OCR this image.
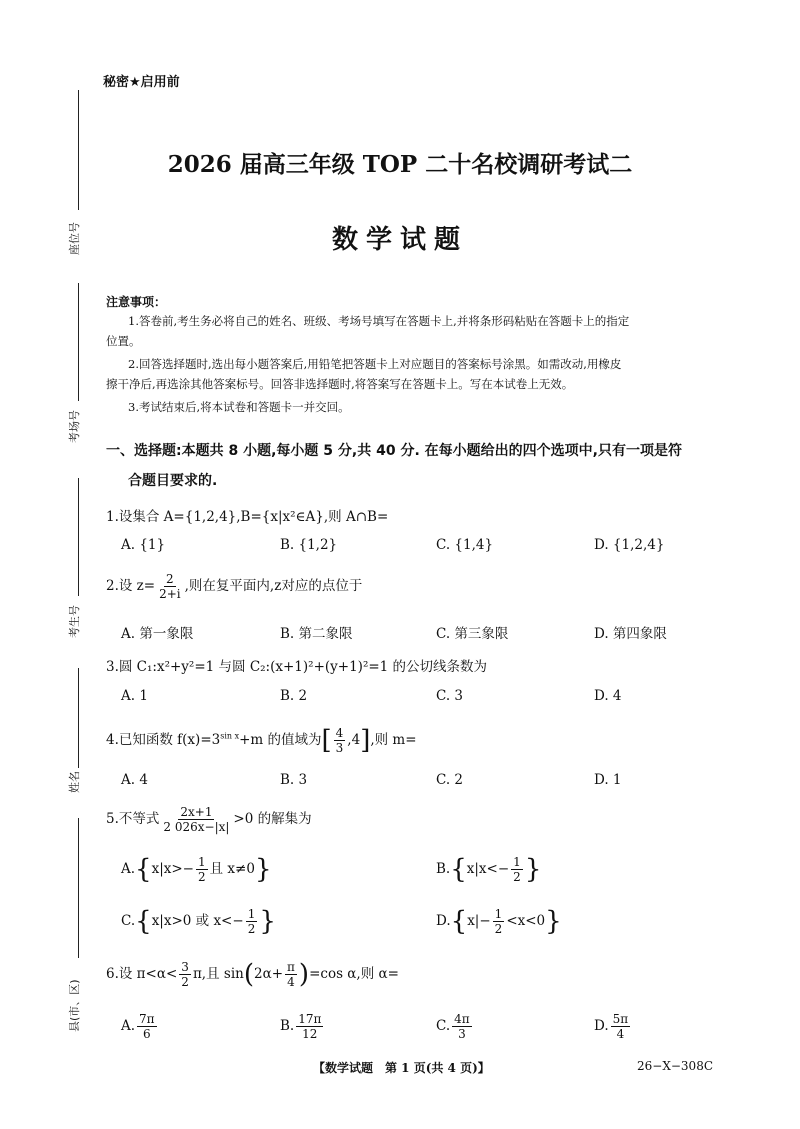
秘密★启用前
2026 届高三年级 TOP 二十名校调研考试二
数学试题
座位号
考场号
考生号
姓名
县(市、区)
注意事项：
1.答卷前,考生务必将自己的姓名、班级、考场号填写在答题卡上,并将条形码粘贴在答题卡上的指定
位置。
2.回答选择题时,选出每小题答案后,用铅笔把答题卡上对应题目的答案标号涂黑。如需改动,用橡皮
擦干净后,再选涂其他答案标号。回答非选择题时,将答案写在答题卡上。写在本试卷上无效。
3.考试结束后,将本试卷和答题卡一并交回。
一、选择题:本题共 8 小题,每小题 5 分,共 40 分. 在每小题给出的四个选项中,只有一项是符
合题目要求的.
1.设集合 A={1,2,4},B={x|x²∈A},则 A∩B=
A. {1}	B. {1,2}	C. {1,4}	D. {1,2,4}
2.设 $z= \frac{2}{2+i}$ ,则在复平面内,z对应的点位于
A. 第一象限	B. 第二象限	C. 第三象限	D. 第四象限
3.圆 C₁:x²+y²=1 与圆 C₂:(x+1)²+(y+1)²=1 的公切线条数为
A. 1	B. 2	C. 3	D. 4
4.已知函数 $f(x)=3^{sin x}+m$ 的值域为[ $\frac{4}{3} ,4$],则 m=
A. 4	B. 3	C. 2	D. 1
5.不等式 $\frac{2x+1}{2 026x-|x|} >0$ 的解集为
$A.\{x|x>- \frac{1}{2}$ 且 x≠0}	$B.\{x|x<- \frac{1}{2}$ }
C.{x|x>0 或 $x<- \frac{1}{2}$ }	$D.\{x|- \frac{1}{2} <x<0\}$
6.设 $\pi<\alpha< \frac{3}{2} \pi$,且 $\sin(2\alpha+ \frac{\pi}{4} )=\cos$ α,则 α=
A. $\frac{7\pi}{6}$	B. $\frac{17\pi}{12}$	C. $\frac{4\pi}{3}$	D. $\frac{5\pi}{4}$
【数学试题　第 1 页(共 4 页)】	26−X−308C
